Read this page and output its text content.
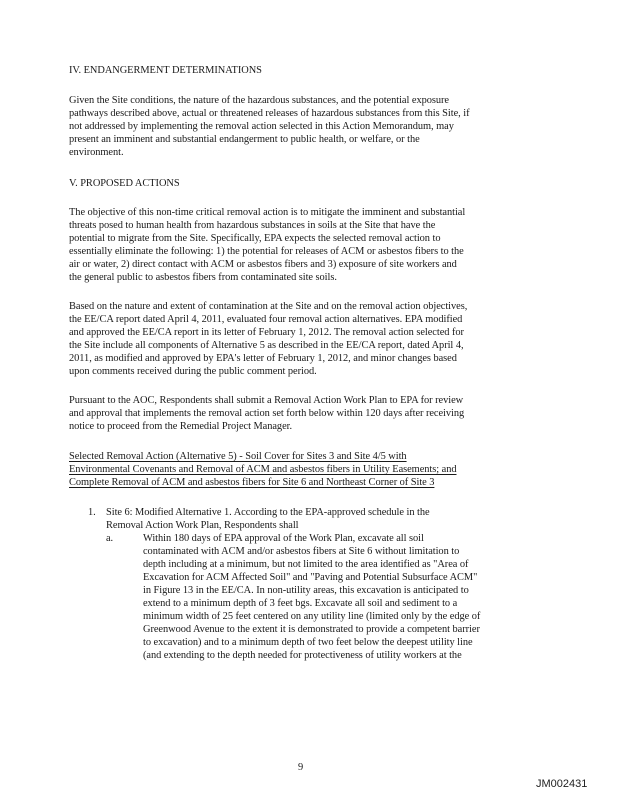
IV. ENDANGERMENT DETERMINATIONS
Given the Site conditions, the nature of the hazardous substances, and the potential exposure
pathways described above, actual or threatened releases of hazardous substances from this Site, if
not addressed by implementing the removal action selected in this Action Memorandum, may
present an imminent and substantial endangerment to public health, or welfare, or the
environment.
V. PROPOSED ACTIONS
The objective of this non-time critical removal action is to mitigate the imminent and substantial
threats posed to human health from hazardous substances in soils at the Site that have the
potential to migrate from the Site. Specifically, EPA expects the selected removal action to
essentially eliminate the following: 1) the potential for releases of ACM or asbestos fibers to the
air or water, 2) direct contact with ACM or asbestos fibers and 3) exposure of site workers and
the general public to asbestos fibers from contaminated site soils.
Based on the nature and extent of contamination at the Site and on the removal action objectives,
the EE/CA report dated April 4, 2011, evaluated four removal action alternatives. EPA modified
and approved the EE/CA report in its letter of February 1, 2012. The removal action selected for
the Site include all components of Alternative 5 as described in the EE/CA report, dated April 4,
2011, as modified and approved by EPA's letter of February 1, 2012, and minor changes based
upon comments received during the public comment period.
Pursuant to the AOC, Respondents shall submit a Removal Action Work Plan to EPA for review
and approval that implements the removal action set forth below within 120 days after receiving
notice to proceed from the Remedial Project Manager.
Selected Removal Action (Alternative 5) - Soil Cover for Sites 3 and Site 4/5 with
Environmental Covenants and Removal of ACM and asbestos fibers in Utility Easements; and
Complete Removal of ACM and asbestos fibers for Site 6 and Northeast Corner of Site 3
1. Site 6: Modified Alternative 1. According to the EPA-approved schedule in the
Removal Action Work Plan, Respondents shall
a.	Within 180 days of EPA approval of the Work Plan, excavate all soil
contaminated with ACM and/or asbestos fibers at Site 6 without limitation to
depth including at a minimum, but not limited to the area identified as "Area of
Excavation for ACM Affected Soil" and "Paving and Potential Subsurface ACM"
in Figure 13 in the EE/CA. In non-utility areas, this excavation is anticipated to
extend to a minimum depth of 3 feet bgs. Excavate all soil and sediment to a
minimum width of 25 feet centered on any utility line (limited only by the edge of
Greenwood Avenue to the extent it is demonstrated to provide a competent barrier
to excavation) and to a minimum depth of two feet below the deepest utility line
(and extending to the depth needed for protectiveness of utility workers at the
9
JM002431
